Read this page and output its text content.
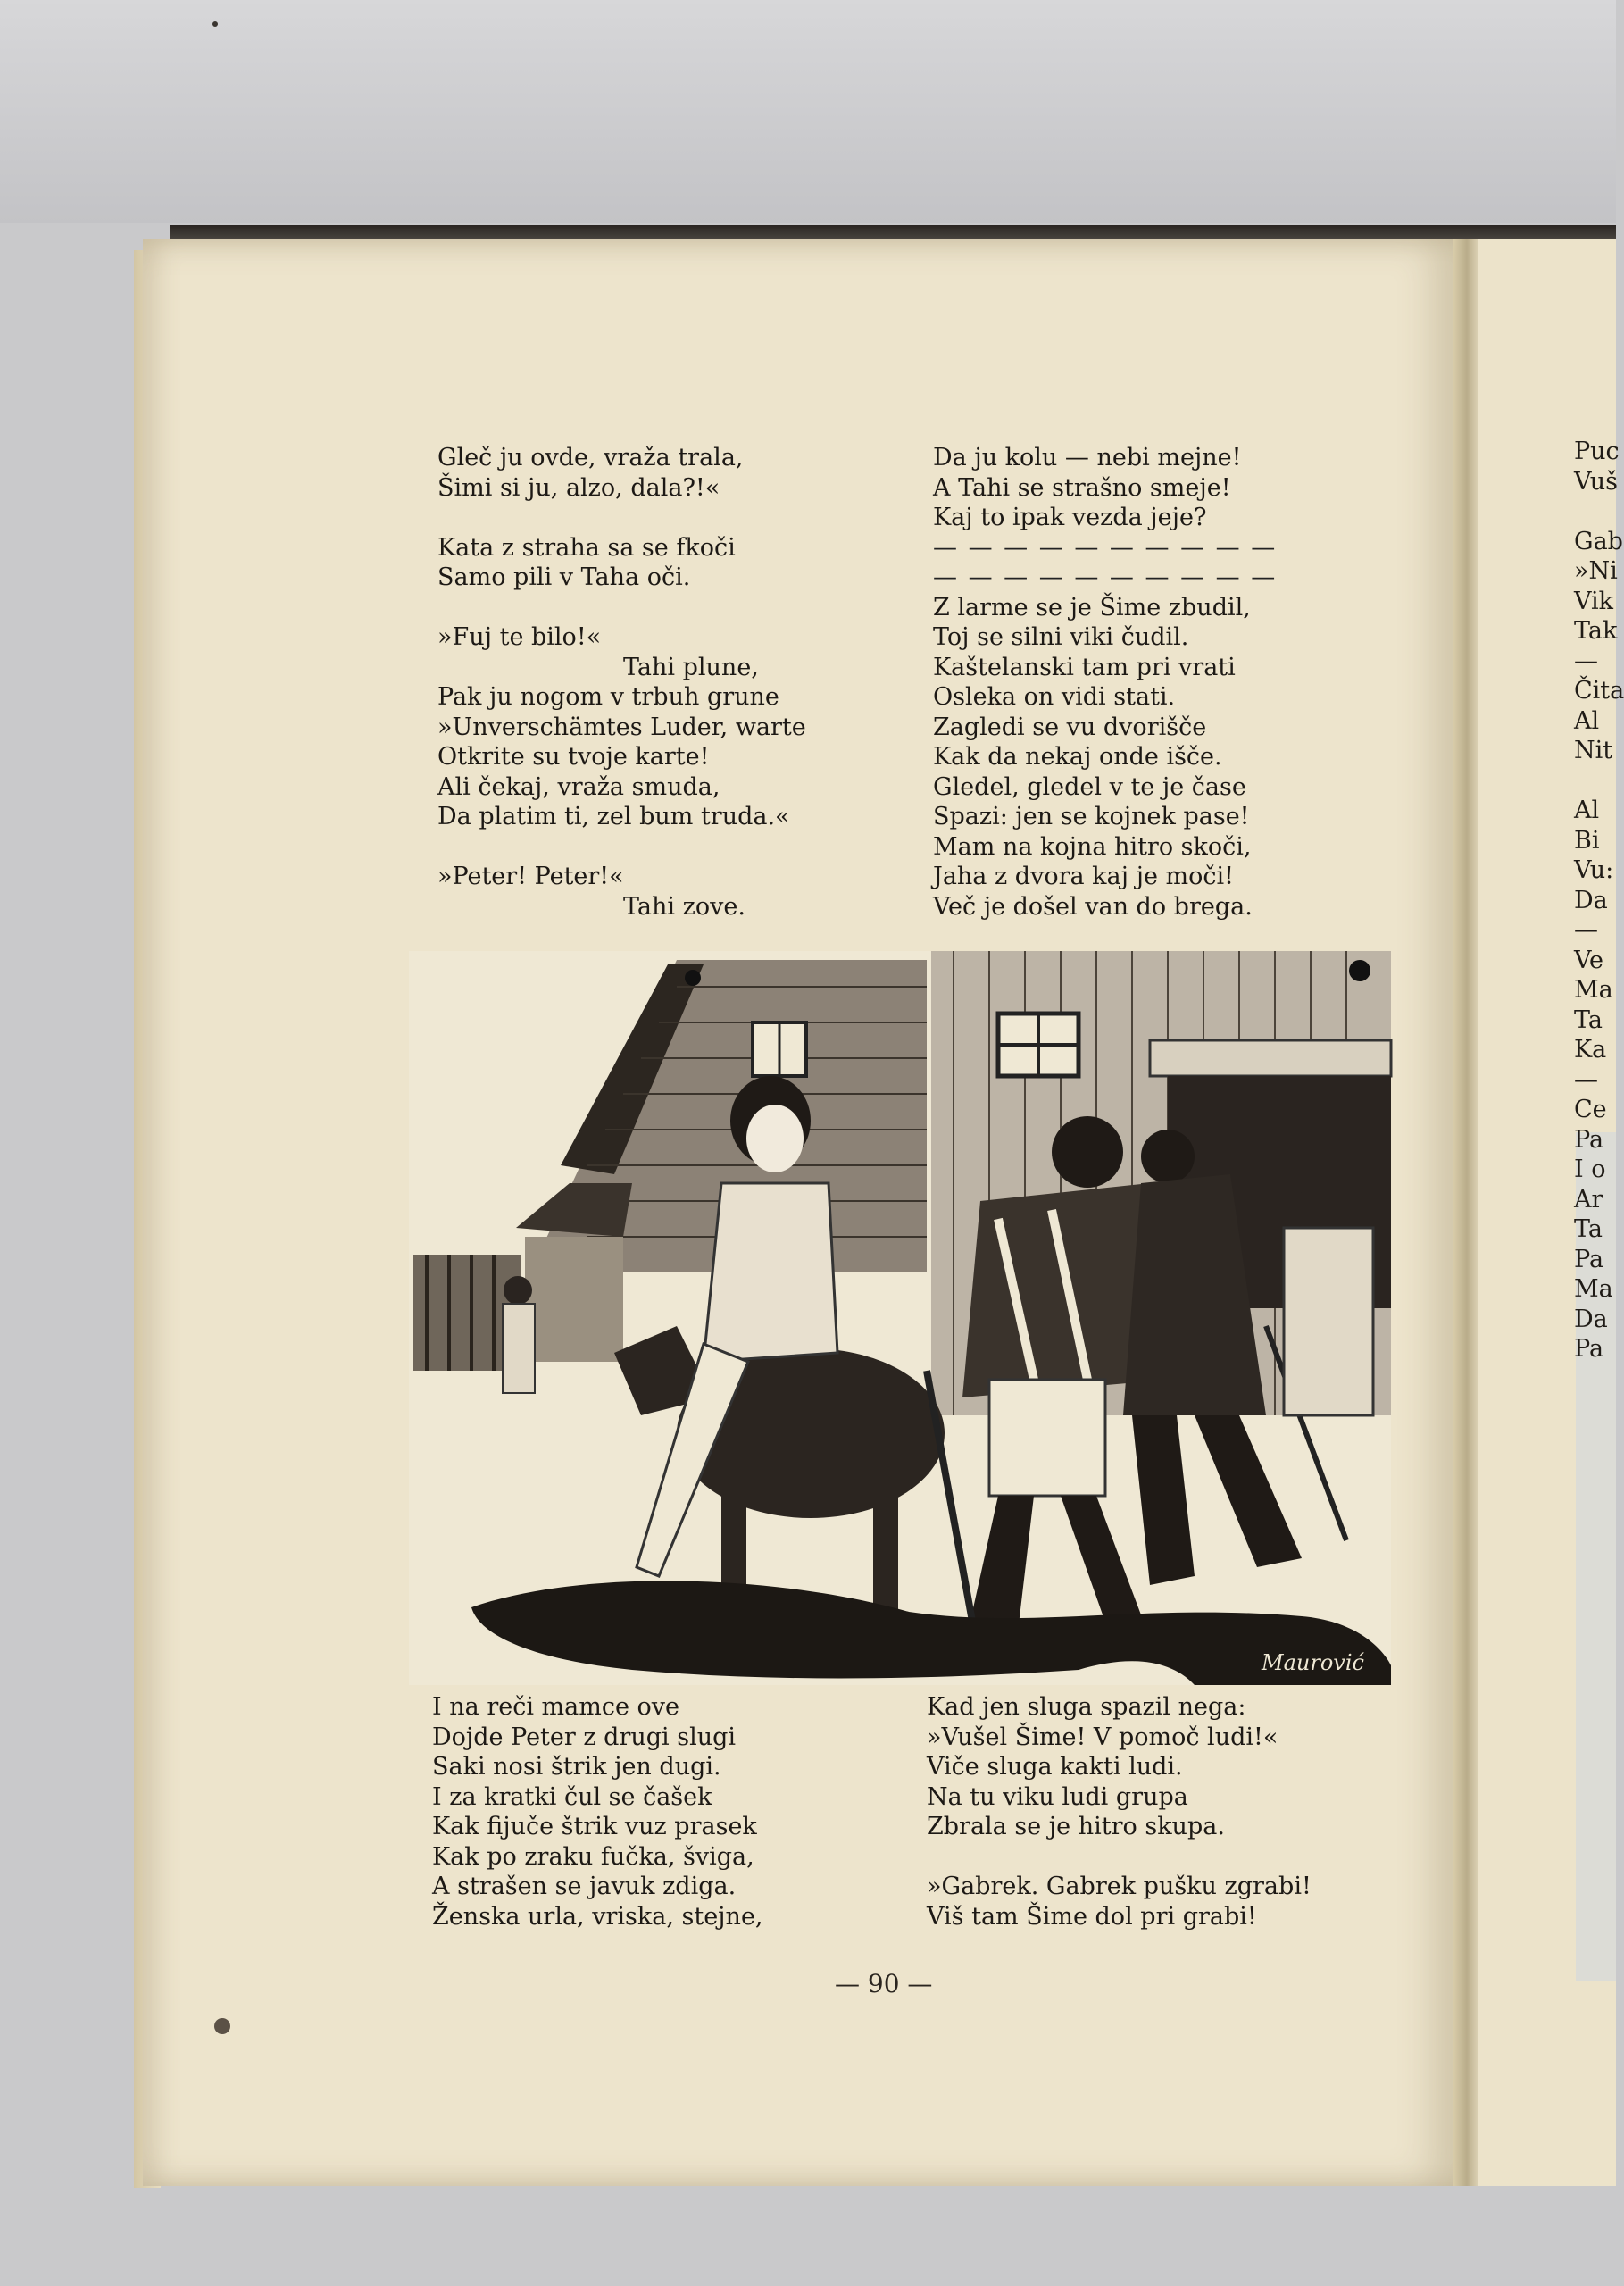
Puc
Vuš
Gab
»Ni
Vik
Tak
—
Čita
Al
Nit
Al
Bi
Vu:
Da
—
Ve
Ma
Ta
Ka
—
Ce
Pa
I o
Ar
Ta
Pa
Ma
Da
Pa
Gleč ju ovde, vraža trala,
Šimi si ju, alzo, dala?!«
Kata z straha sa se fkoči
Samo pili v Taha oči.
»Fuj te bilo!«
Tahi plune,
Pak ju nogom v trbuh grune
»Unverschämtes Luder, warte
Otkrite su tvoje karte!
Ali čekaj, vraža smuda,
Da platim ti, zel bum truda.«
»Peter! Peter!«
Tahi zove.
Da ju kolu — nebi mejne!
A Tahi se strašno smeje!
Kaj to ipak vezda jeje?
— — — — — — — — — —
— — — — — — — — — —
Z larme se je Šime zbudil,
Toj se silni viki čudil.
Kaštelanski tam pri vrati
Osleka on vidi stati.
Zagledi se vu dvorišče
Kak da nekaj onde išče.
Gledel, gledel v te je čase
Spazi: jen se kojnek pase!
Mam na kojna hitro skoči,
Jaha z dvora kaj je moči!
Več je došel van do brega.
Maurović
I na reči mamce ove
Dojde Peter z drugi slugi
Saki nosi štrik jen dugi.
I za kratki čul se čašek
Kak fijuče štrik vuz prasek
Kak po zraku fučka, šviga,
A strašen se javuk zdiga.
Ženska urla, vriska, stejne,
Kad jen sluga spazil nega:
»Vušel Šime! V pomoč ludi!«
Viče sluga kakti ludi.
Na tu viku ludi grupa
Zbrala se je hitro skupa.
»Gabrek. Gabrek pušku zgrabi!
Viš tam Šime dol pri grabi!
— 90 —
